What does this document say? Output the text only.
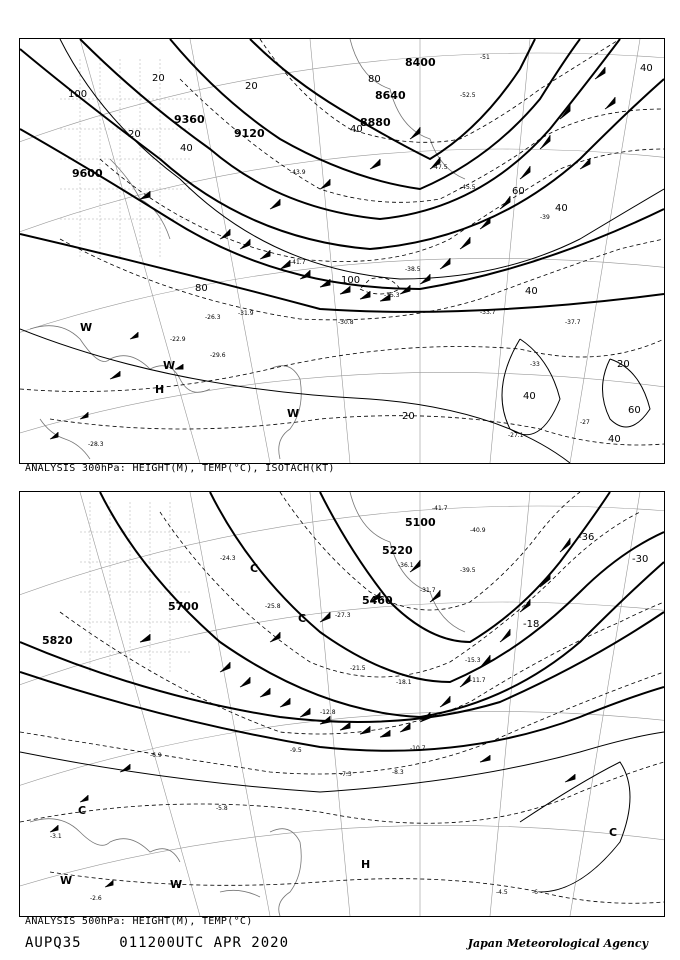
9600
9360
9120
8880
8640
8400
100
20
20
20
40
40
80
80
100
40
60
40
40
20
60
40
20
40
H
W
W
W
-51
-52.5
-47.5
-45.5
-43.9
-41.7
-39
-38.5
-37.7
-35.3
-33.7
-31.9
-30.8
-29.6
-28.3
-27.1
-26.3
-22.9
-33
-27
ANALYSIS 300hPa: HEIGHT(M), TEMP(°C), ISOTACH(KT)
5820
5700	5460
5220
5100
-36
-30
-18
C
C
C
C
H
W
W
-41.7
-40.9
-39.5
-36.1
-31.7
-27.3
-25.8
-24.3
-21.5
-18.1
-15.3
-12.8
-11.7
-10.7
-9.5
-8.3
-7.3
-6.9
-5.8
-4.5
-2.6
-3.1
-6
ANALYSIS 500hPa: HEIGHT(M), TEMP(°C)
AUPQ35	011200UTC APR 2020	Japan Meteorological Agency
